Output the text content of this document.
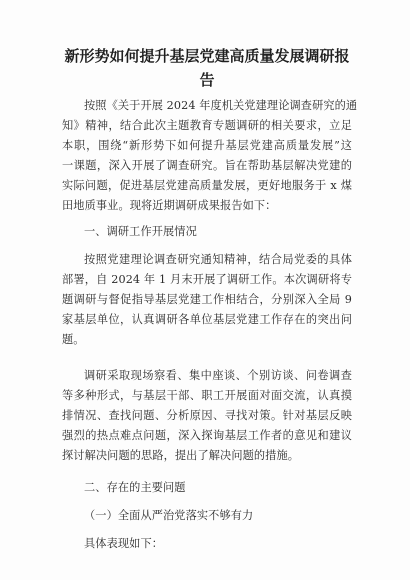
新形势如何提升基层党建高质量发展调研报
告
按照《关于开展 2024 年度机关党建理论调查研究的通
知》精神，结合此次主题教育专题调研的相关要求，立足
本职，围绕“新形势下如何提升基层党建高质量发展”这
一课题，深入开展了调查研究。旨在帮助基层解决党建的
实际问题，促进基层党建高质量发展，更好地服务于 x 煤
田地质事业。现将近期调研成果报告如下：
一、调研工作开展情况
按照党建理论调查研究通知精神，结合局党委的具体
部署，自 2024 年 1 月末开展了调研工作。本次调研将专
题调研与督促指导基层党建工作相结合，分别深入全局 9
家基层单位，认真调研各单位基层党建工作存在的突出问
题。
调研采取现场察看、集中座谈、个别访谈、问卷调查
等多种形式，与基层干部、职工开展面对面交流，认真摸
排情况、查找问题、分析原因、寻找对策。针对基层反映
强烈的热点难点问题，深入探询基层工作者的意见和建议
探讨解决问题的思路，提出了解决问题的措施。
二、存在的主要问题
（一）全面从严治党落实不够有力
具体表现如下：
